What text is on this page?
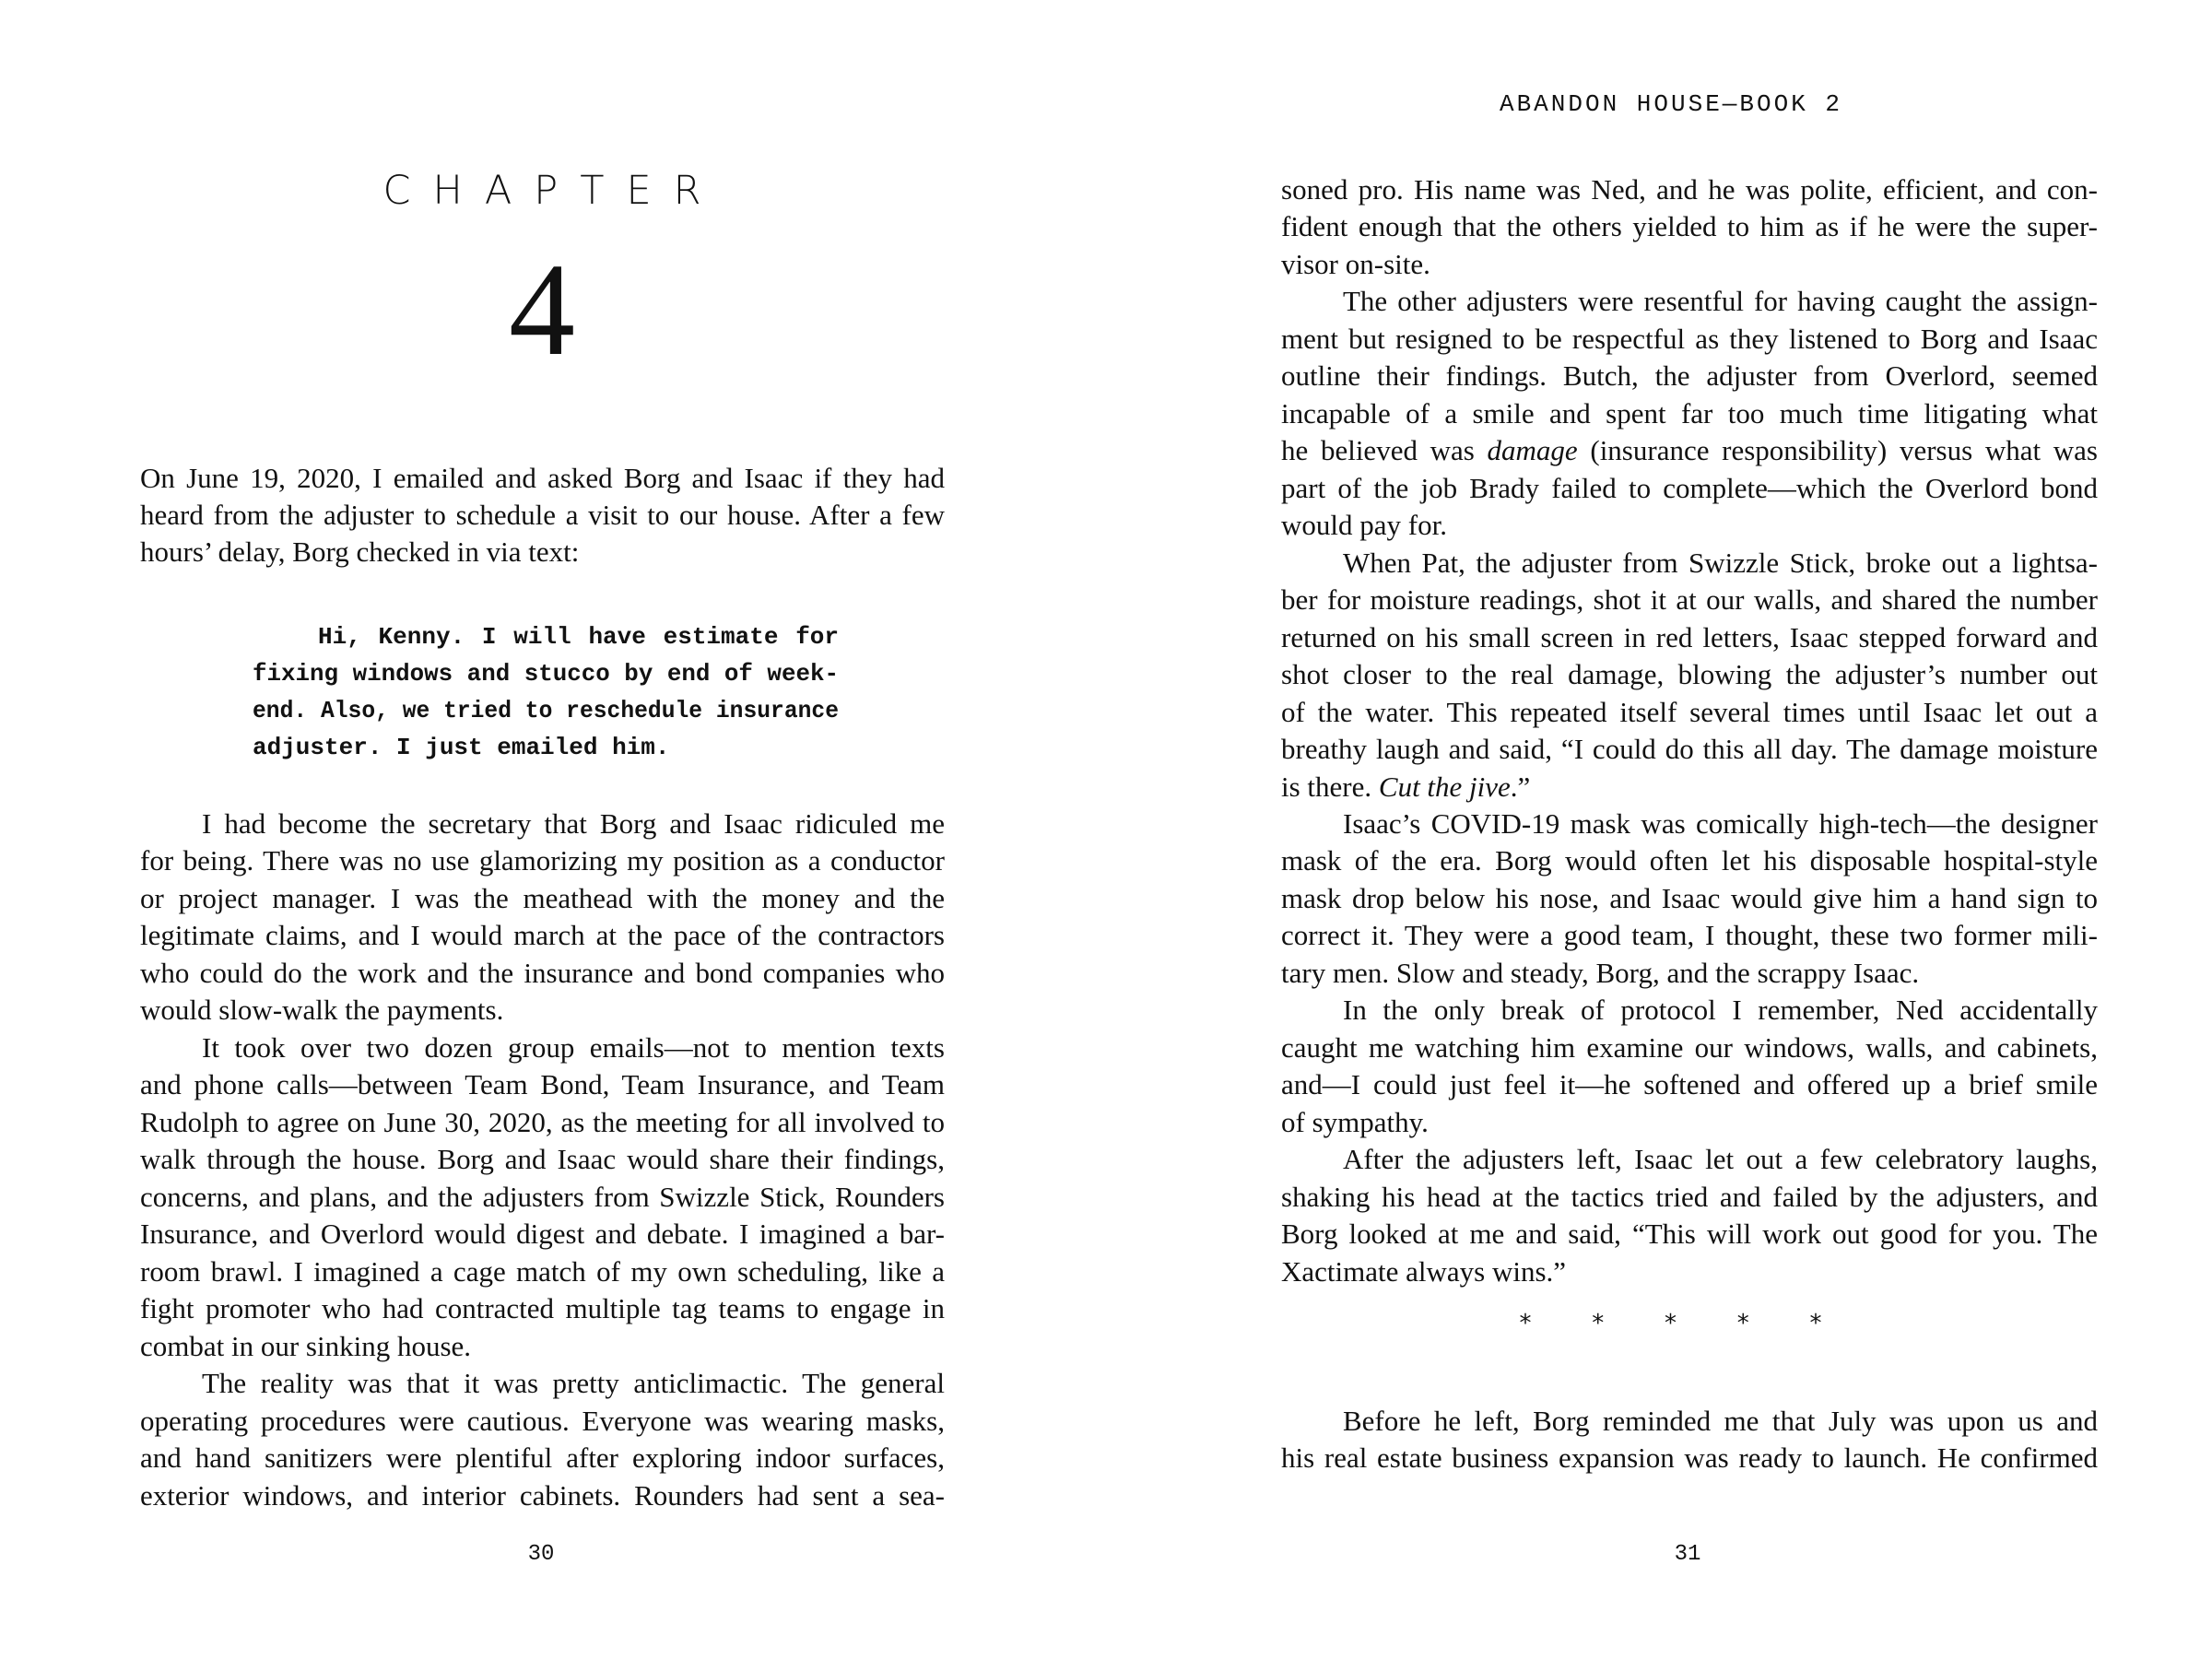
CHAPTER
4
On June 19, 2020, I emailed and asked Borg and Isaac if they had
heard from the adjuster to schedule a visit to our house. After a few
hours’ delay, Borg checked in via text:
Hi, Kenny. I will have estimate for
fixing windows and stucco by end of week-
end. Also, we tried to reschedule insurance
adjuster. I just emailed him.
I had become the secretary that Borg and Isaac ridiculed me
for being. There was no use glamorizing my position as a conductor
or project manager. I was the meathead with the money and the
legitimate claims, and I would march at the pace of the contractors
who could do the work and the insurance and bond companies who
would slow-walk the payments.
It took over two dozen group emails—not to mention texts
and phone calls—between Team Bond, Team Insurance, and Team
Rudolph to agree on June 30, 2020, as the meeting for all involved to
walk through the house. Borg and Isaac would share their findings,
concerns, and plans, and the adjusters from Swizzle Stick, Rounders
Insurance, and Overlord would digest and debate. I imagined a bar-
room brawl. I imagined a cage match of my own scheduling, like a
fight promoter who had contracted multiple tag teams to engage in
combat in our sinking house.
The reality was that it was pretty anticlimactic. The general
operating procedures were cautious. Everyone was wearing masks,
and hand sanitizers were plentiful after exploring indoor surfaces,
exterior windows, and interior cabinets. Rounders had sent a sea-
30
ABANDON HOUSE—BOOK 2
soned pro. His name was Ned, and he was polite, efficient, and con-
fident enough that the others yielded to him as if he were the super-
visor on-site.
The other adjusters were resentful for having caught the assign-
ment but resigned to be respectful as they listened to Borg and Isaac
outline their findings. Butch, the adjuster from Overlord, seemed
incapable of a smile and spent far too much time litigating what
he believed was damage (insurance responsibility) versus what was
part of the job Brady failed to complete—which the Overlord bond
would pay for.
When Pat, the adjuster from Swizzle Stick, broke out a lightsa-
ber for moisture readings, shot it at our walls, and shared the number
returned on his small screen in red letters, Isaac stepped forward and
shot closer to the real damage, blowing the adjuster’s number out
of the water. This repeated itself several times until Isaac let out a
breathy laugh and said, “I could do this all day. The damage moisture
is there. Cut the jive.”
Isaac’s COVID-19 mask was comically high-tech—the designer
mask of the era. Borg would often let his disposable hospital-style
mask drop below his nose, and Isaac would give him a hand sign to
correct it. They were a good team, I thought, these two former mili-
tary men. Slow and steady, Borg, and the scrappy Isaac.
In the only break of protocol I remember, Ned accidentally
caught me watching him examine our windows, walls, and cabinets,
and—I could just feel it—he softened and offered up a brief smile
of sympathy.
After the adjusters left, Isaac let out a few celebratory laughs,
shaking his head at the tactics tried and failed by the adjusters, and
Borg looked at me and said, “This will work out good for you. The
Xactimate always wins.”
*	*	*	*	*
Before he left, Borg reminded me that July was upon us and
his real estate business expansion was ready to launch. He confirmed
31
